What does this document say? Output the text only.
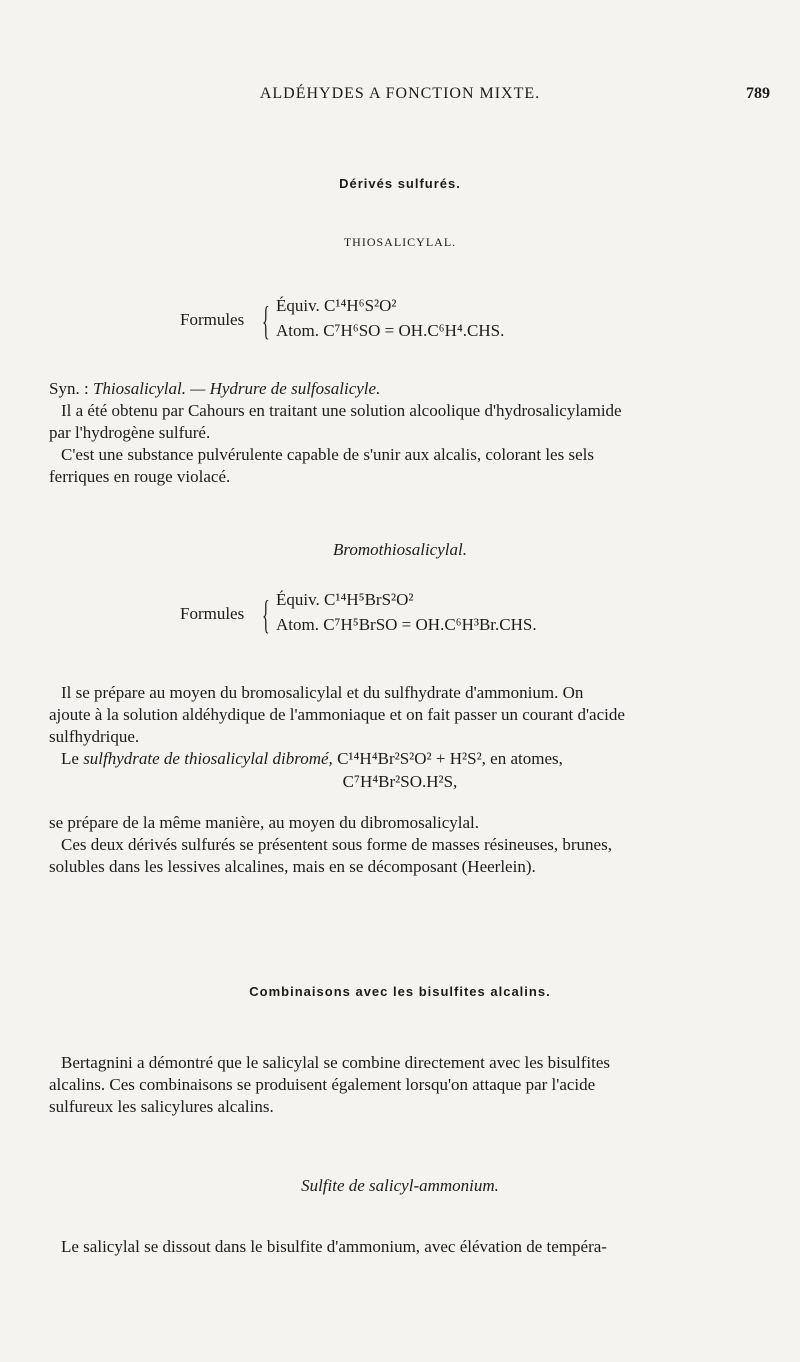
ALDÉHYDES A FONCTION MIXTE.	789
Dérivés sulfurés.
THIOSALICYLAL.
Formules { Équiv. C¹⁴H⁶S²O²
Atom. C⁷H⁶SO = OH.C⁶H⁴.CHS.
Syn. : Thiosalicylal. — Hydrure de sulfosalicyle.
Il a été obtenu par Cahours en traitant une solution alcoolique d'hydrosalicylamide
par l'hydrogène sulfuré.
C'est une substance pulvérulente capable de s'unir aux alcalis, colorant les sels
ferriques en rouge violacé.
Bromothiosalicylal.
Formules { Équiv. C¹⁴H⁵BrS²O²
Atom. C⁷H⁵BrSO = OH.C⁶H³Br.CHS.
Il se prépare au moyen du bromosalicylal et du sulfhydrate d'ammonium. On
ajoute à la solution aldéhydique de l'ammoniaque et on fait passer un courant d'acide
sulfhydrique.
Le sulfhydrate de thiosalicylal dibromé, C¹⁴H⁴Br²S²O² + H²S², en atomes,
C⁷H⁴Br²SO.H²S,
se prépare de la même manière, au moyen du dibromosalicylal.
Ces deux dérivés sulfurés se présentent sous forme de masses résineuses, brunes,
solubles dans les lessives alcalines, mais en se décomposant (Heerlein).
Combinaisons avec les bisulfites alcalins.
Bertagnini a démontré que le salicylal se combine directement avec les bisulfites
alcalins. Ces combinaisons se produisent également lorsqu'on attaque par l'acide
sulfureux les salicylures alcalins.
Sulfite de salicyl-ammonium.
Le salicylal se dissout dans le bisulfite d'ammonium, avec élévation de tempéra-
